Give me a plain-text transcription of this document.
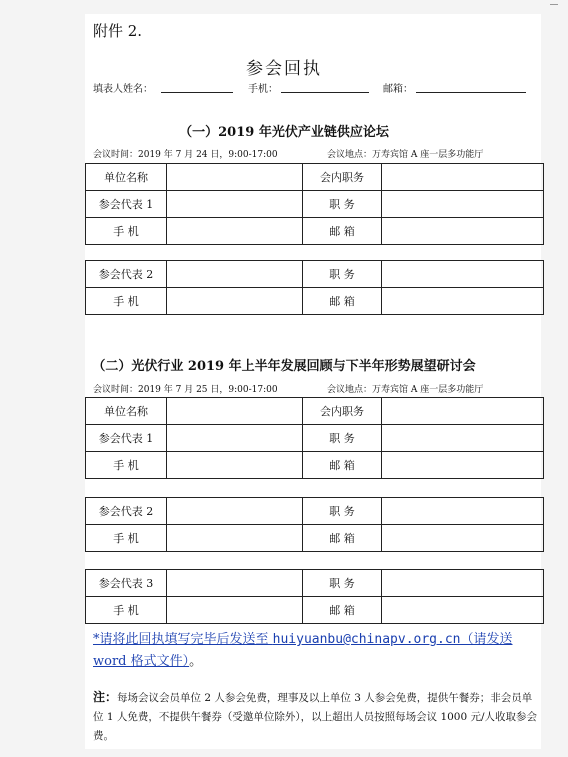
附件 2.
参会回执
填表人姓名：	手机：	邮箱：
（一）2019 年光伏产业链供应论坛
会议时间：2019 年 7 月 24 日，9:00-17:00	会议地点：万寿宾馆 A 座一层多功能厅
单位名称		会内职务	
参会代表 1		职 务	
手 机		邮 箱	
参会代表 2		职 务	
手 机		邮 箱	
（二）光伏行业 2019 年上半年发展回顾与下半年形势展望研讨会
会议时间：2019 年 7 月 25 日，9:00-17:00	会议地点：万寿宾馆 A 座一层多功能厅
单位名称		会内职务	
参会代表 1		职 务	
手 机		邮 箱	
参会代表 2		职 务	
手 机		邮 箱	
参会代表 3		职 务	
手 机		邮 箱	
*请将此回执填写完毕后发送至 huiyuanbu@chinapv.org.cn（请发送 word 格式文件）。
注：每场会议会员单位 2 人参会免费，理事及以上单位 3 人参会免费，提供午餐券；非会员单位 1 人免费，不提供午餐券（受邀单位除外），以上超出人员按照每场会议 1000 元/人收取参会费。
